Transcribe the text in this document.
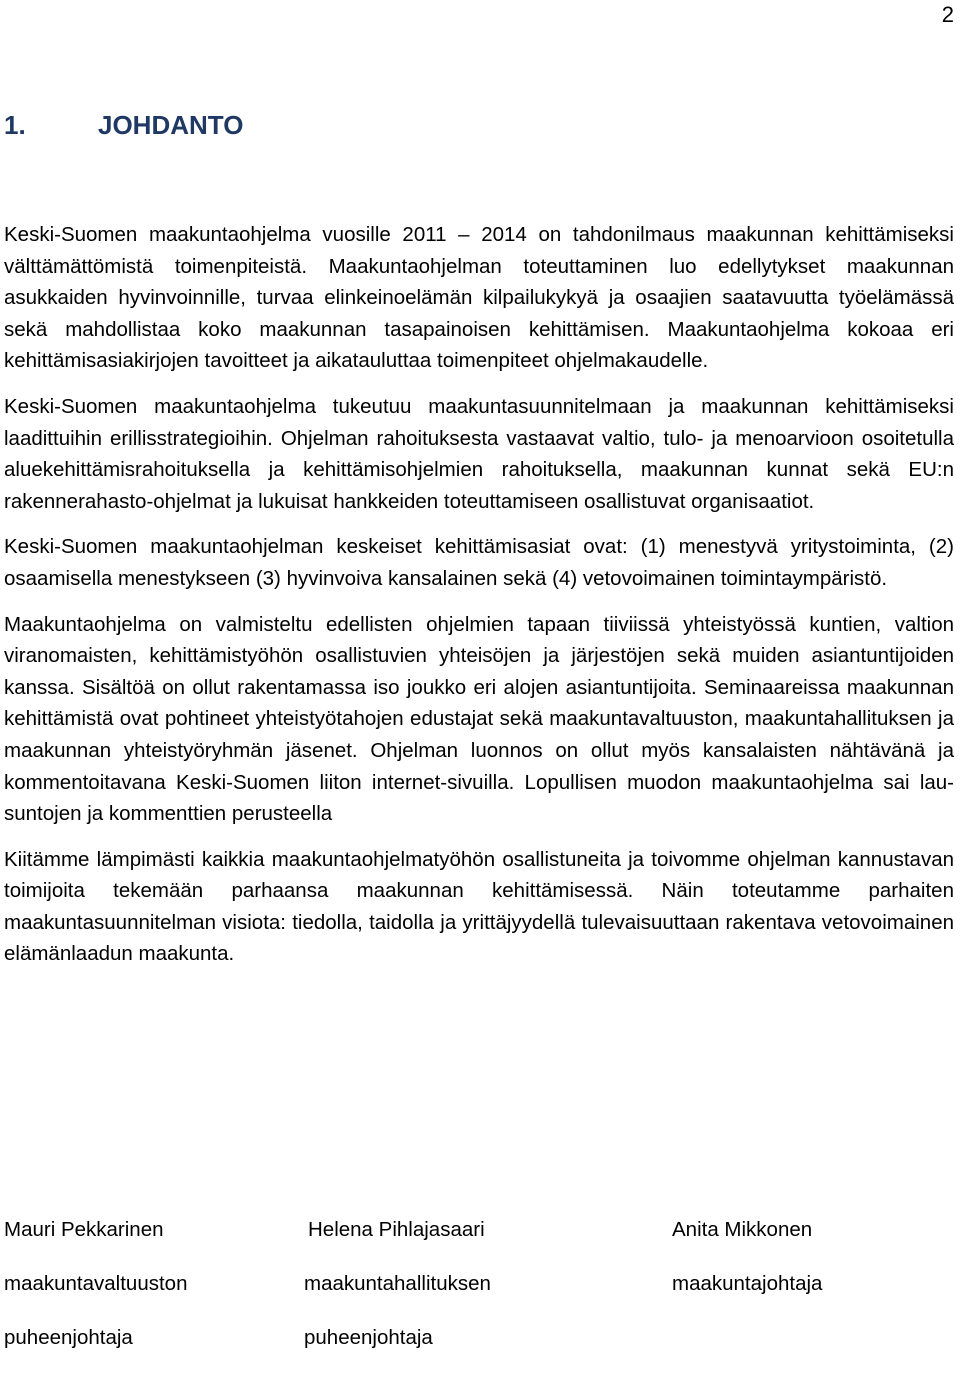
2
1.	JOHDANTO

Keski-Suomen maakuntaohjelma vuosille 2011 – 2014 on tahdonilmaus maakunnan kehittämiseksi välttämättömistä toimenpiteistä. Maakuntaohjelman toteuttaminen luo edellytykset maakunnan asukkaiden hyvinvoinnille, turvaa elinkeinoelämän kilpailukykyä ja osaajien saatavuutta työelämässä sekä mahdollistaa koko maakunnan tasapainoisen kehittämisen. Maakuntaohjelma kokoaa eri kehittämisasiakirjojen tavoitteet ja aikatauluttaa toimenpiteet ohjelmakaudelle.

Keski-Suomen maakuntaohjelma tukeutuu maakuntasuunnitelmaan ja maakunnan kehittämiseksi laadittuihin erillisstrategioihin. Ohjelman rahoituksesta vastaavat valtio, tulo- ja menoarvioon osoitetulla aluekehittämisrahoituksella ja kehittämisohjelmien rahoituksella, maakunnan kunnat sekä EU:n rakennerahasto-ohjelmat ja lukuisat hankkeiden toteuttamiseen osallistuvat organisaatiot.

Keski-Suomen maakuntaohjelman keskeiset kehittämisasiat ovat: (1) menestyvä yritystoiminta, (2) osaamisella menestykseen (3) hyvinvoiva kansalainen sekä (4) vetovoimainen toimintaympäristö.

Maakuntaohjelma on valmisteltu edellisten ohjelmien tapaan tiiviissä yhteistyössä kuntien, valtion viranomaisten, kehittämistyöhön osallistuvien yhteisöjen ja järjestöjen sekä muiden asiantuntijoiden kanssa. Sisältöä on ollut rakentamassa iso joukko eri alojen asiantuntijoita. Seminaareissa maakunnan kehittämistä ovat pohtineet yhteistyötahojen edustajat sekä maakuntavaltuuston, maakuntahallituksen ja maakunnan yhteistyöryhmän jäsenet. Ohjelman luonnos on ollut myös kansalaisten nähtävänä ja kommentoitavana Keski-Suomen liiton internet-sivuilla. Lopullisen muodon maakuntaohjelma sai lausuntojen ja kommenttien perusteella

Kiitämme lämpimästi kaikkia maakuntaohjelmatyöhön osallistuneita ja toivomme ohjelman kannustavan toimijoita tekemään parhaansa maakunnan kehittämisessä. Näin toteutamme parhaiten maakuntasuunnitelman visiota: tiedolla, taidolla ja yrittäjyydellä tulevaisuuttaan rakentava vetovoimainen elämänlaadun maakunta.

Mauri Pekkarinen	Helena Pihlajasaari	Anita Mikkonen
maakuntavaltuuston	maakuntahallituksen	maakuntajohtaja
puheenjohtaja	puheenjohtaja
